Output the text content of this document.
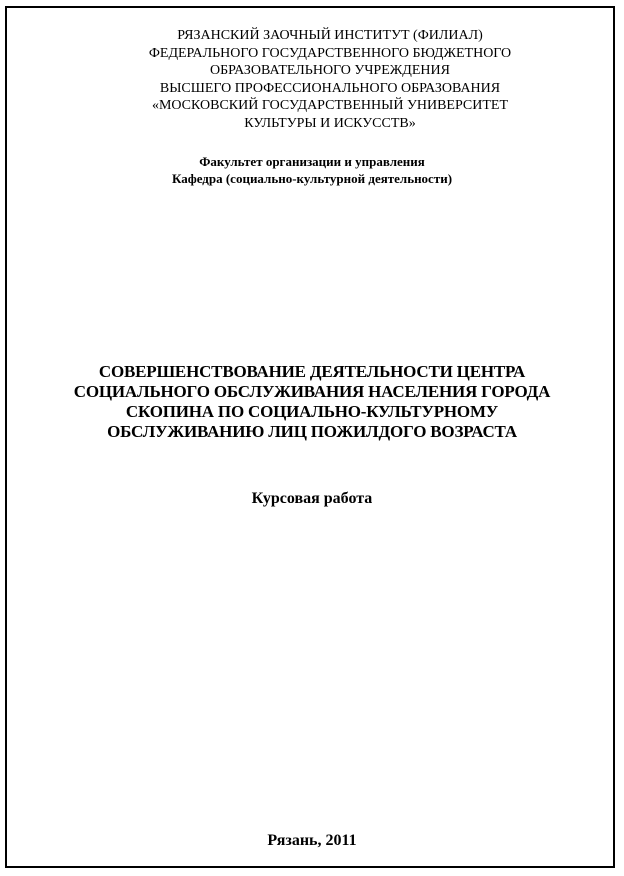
РЯЗАНСКИЙ ЗАОЧНЫЙ ИНСТИТУТ (ФИЛИАЛ)
ФЕДЕРАЛЬНОГО ГОСУДАРСТВЕННОГО БЮДЖЕТНОГО
ОБРАЗОВАТЕЛЬНОГО УЧРЕЖДЕНИЯ
ВЫСШЕГО ПРОФЕССИОНАЛЬНОГО ОБРАЗОВАНИЯ
«МОСКОВСКИЙ ГОСУДАРСТВЕННЫЙ УНИВЕРСИТЕТ
КУЛЬТУРЫ И ИСКУССТВ»
Факультет организации и управления
Кафедра (социально-культурной деятельности)
СОВЕРШЕНСТВОВАНИЕ ДЕЯТЕЛЬНОСТИ ЦЕНТРА
СОЦИАЛЬНОГО ОБСЛУЖИВАНИЯ НАСЕЛЕНИЯ ГОРОДА
СКОПИНА ПО СОЦИАЛЬНО-КУЛЬТУРНОМУ
ОБСЛУЖИВАНИЮ ЛИЦ ПОЖИЛДОГО ВОЗРАСТА
Курсовая работа
Рязань, 2011
